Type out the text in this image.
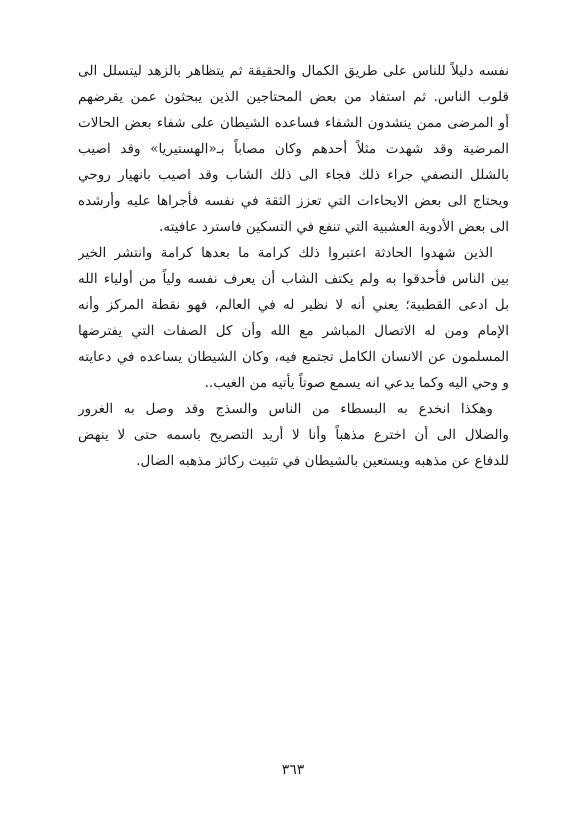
نفسه دليلاً للناس على طريق الكمال والحقيقة ثم يتظاهر بالزهد ليتسلل الى
قلوب الناس. ثم استفاد من بعض المحتاجين الذين يبحثون عمن يقرضهم
أو المرضى ممن ينشدون الشفاء فساعده الشيطان على شفاء بعض الحالات
المرضية وقد شهدت مثلاً أحدهم وكان مصاباً بـ«الهستيريا» وقد اصيب
بالشلل النصفي جراء ذلك فجاء الى ذلك الشاب وقد اصيب بانهيار روحي
ويحتاج الى بعض الايحاءات التي تعزز الثقة في نفسه فأجراها عليه وأرشده
الى بعض الأدوية العشبية التي تنفع في التسكين فاسترد عافيته.
الذين شهدوا الحادثة اعتبروا ذلك كرامة ما بعدها كرامة وانتشر الخير
بين الناس فأحدقوا به ولم يكتف الشاب أن يعرف نفسه ولياً من أولياء الله
بل ادعى القطبية؛ يعني أنه لا نظير له في العالم، فهو نقطة المركز وأنه
الإمام ومن له الاتصال المباشر مع الله وأن كل الصفات التي يفترضها
المسلمون عن الانسان الكامل تجتمع فيه، وكان الشيطان يساعده في دعايته
و وحي اليه وكما يدعي انه يسمع صوتاً يأتيه من الغيب..
وهكذا انخدع به البسطاء من الناس والسذج وقد وصل به الغرور
والضلال الى أن اخترع مذهباً وأنا لا أريد التصريح باسمه حتى لا ينهض
للدفاع عن مذهبه ويستعين بالشيطان في تثبيت ركائز مذهبه الضال.
٣٦٣
